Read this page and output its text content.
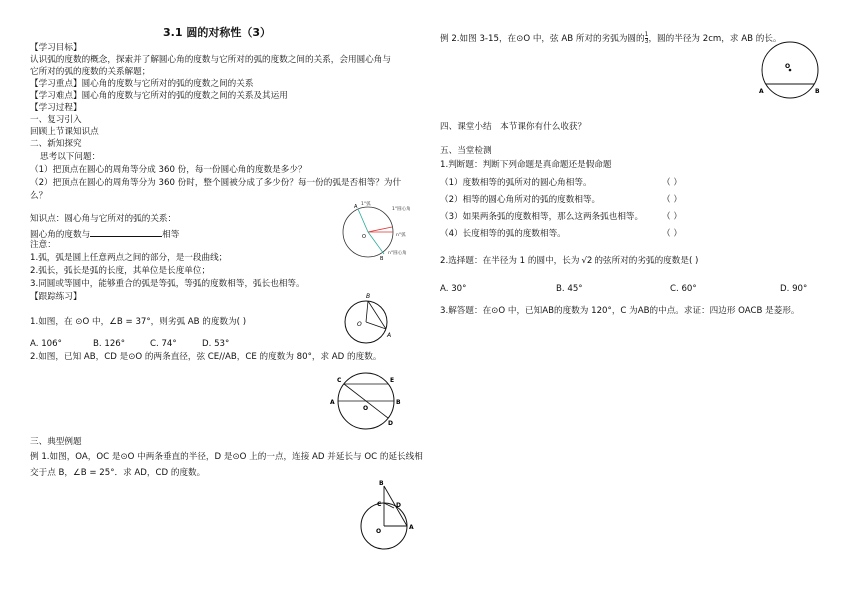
3.1 圆的对称性（3）
【学习目标】
认识弧的度数的概念，探索并了解圆心角的度数与它所对的弧的度数之间的关系，会用圆心角与
它所对的弧的度数的关系解题；
【学习重点】圆心角的度数与它所对的弧的度数之间的关系
【学习难点】圆心角的度数与它所对的弧的度数之间的关系及其运用
【学习过程】
一、复习引入
回顾上节课知识点
二、新知探究
思考以下问题：
（1）把顶点在圆心的周角等分成 360 份，每一份圆心角的度数是多少？
（2）把顶点在圆心的周角等分为 360 份时，整个圆被分成了多少份？每一份的弧是否相等？为什
么？
知识点：圆心角与它所对的弧的关系：
圆心角的度数与	相等
注意：
1.弧，弧是圆上任意两点之间的部分，是一段曲线；
2.弧长，弧长是弧的长度，其单位是长度单位；
3.同圆或等圆中，能够重合的弧是等弧，等弧的度数相等，弧长也相等。
【跟踪练习】
1.如图，在 ⊙O 中，∠B = 37°，则劣弧 AB 的度数为( )
A. 106°	B. 126°	C. 74°	D. 53°
2.如图，已知 AB，CD 是⊙O 的两条直径，弦 CE//AB，CE 的度数为 80°，求 AD 的度数。
三、典型例题
例 1.如图，OA，OC 是⊙O 中两条垂直的半径，D 是⊙O 上的一点，连接 AD 并延长与 OC 的延长线相
交于点 B，∠B = 25°．求 AD，CD 的度数。
1°弧
1°圆心角
n°弧
n°圆心角
A
B
O
B
O
A
C	E
A
O
B
D
B
C D
O
A
例 2.如图 3-15，在⊙O 中，弦 AB 所对的劣弧为圆的 $\frac{1}{3}$ ，圆的半径为 2cm，求 AB 的长。
O
A	B
四、课堂小结　本节课你有什么收获？
五、当堂检测
1.判断题：判断下列命题是真命题还是假命题
（1）度数相等的弧所对的圆心角相等。	（ ）
（2）相等的圆心角所对的弧的度数相等。	（ ）
（3）如果两条弧的度数相等，那么这两条弧也相等。 （ ）
（4）长度相等的弧的度数相等。	（ ）
2.选择题：在半径为 1 的圆中，长为 √2 的弦所对的劣弧的度数是( )
A. 30°	B. 45°	C. 60°	D. 90°
3.解答题：在⊙O 中，已知AB的度数为 120°，C 为AB的中点。求证：四边形 OACB 是菱形。
